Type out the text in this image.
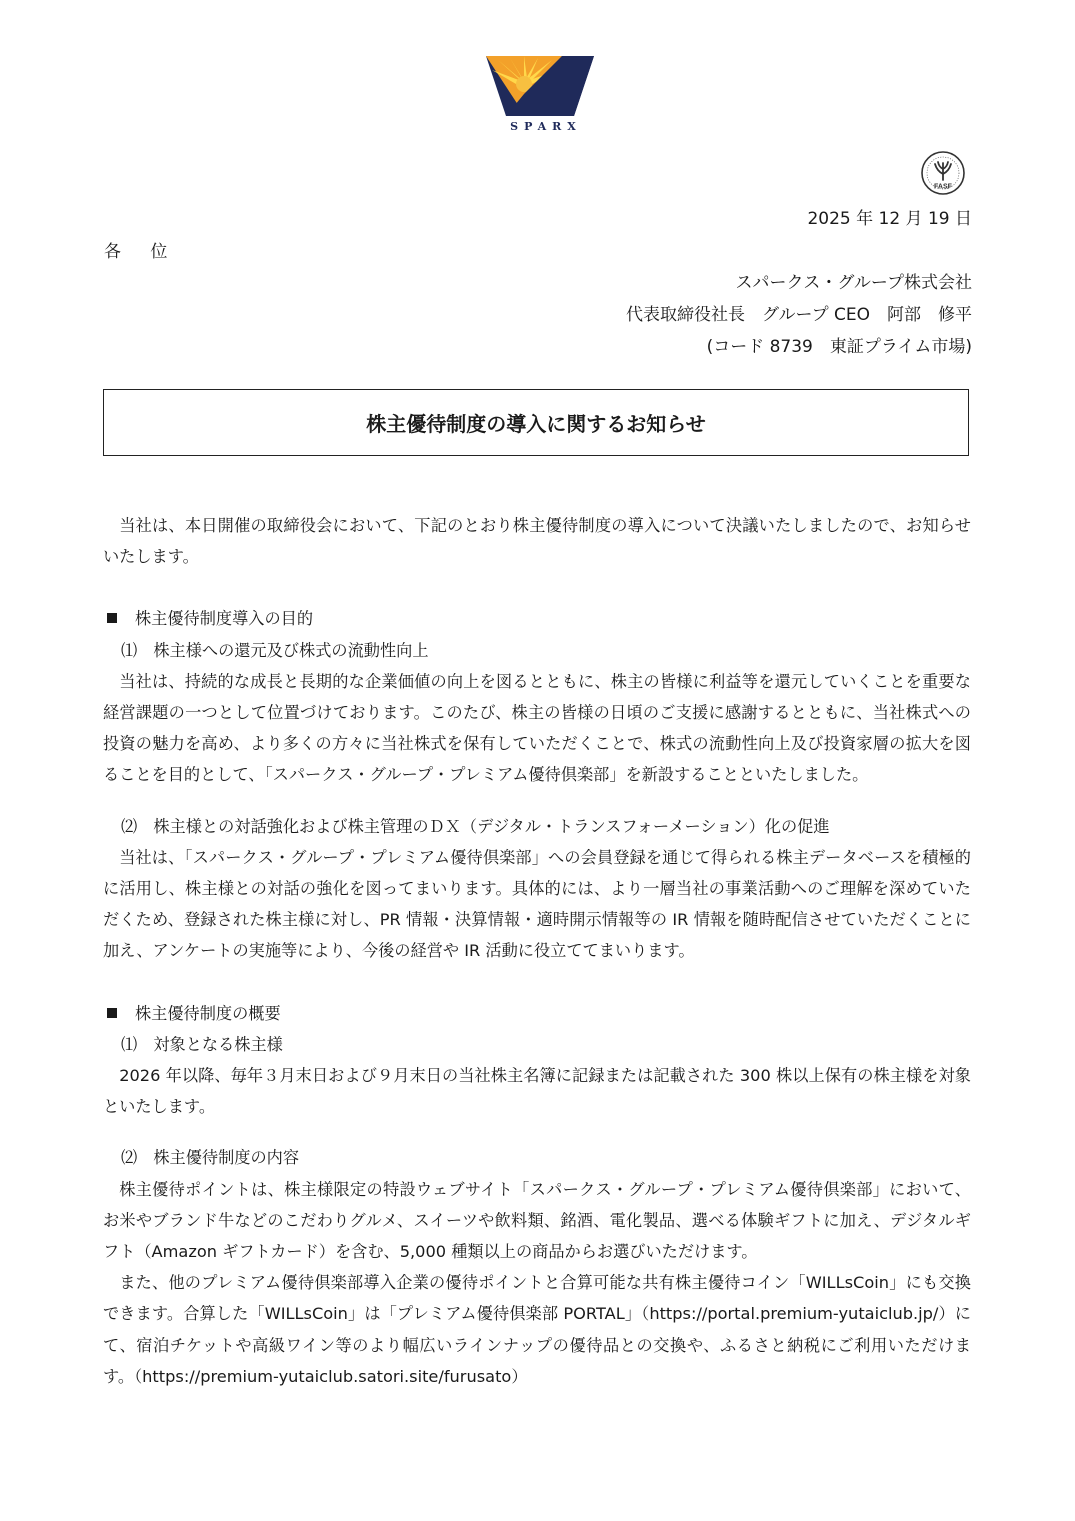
SPARX
FASF
2025 年 12 月 19 日
各 位
スパークス・グループ株式会社
代表取締役社長　グループ CEO　阿部　修平
(コード 8739　東証プライム市場)
株主優待制度の導入に関するお知らせ

当社は、本日開催の取締役会において、下記のとおり株主優待制度の導入について決議いたしましたので、お知らせいたします。

株主優待制度導入の目的

⑴　株主様への還元及び株式の流動性向上

当社は、持続的な成長と長期的な企業価値の向上を図るとともに、株主の皆様に利益等を還元していくことを重要な経営課題の一つとして位置づけております。このたび、株主の皆様の日頃のご支援に感謝するとともに、当社株式への投資の魅力を高め、より多くの方々に当社株式を保有していただくことで、株式の流動性向上及び投資家層の拡大を図ることを目的として、「スパークス・グループ・プレミアム優待倶楽部」を新設することといたしました。

⑵　株主様との対話強化および株主管理のＤＸ（デジタル・トランスフォーメーション）化の促進

当社は、「スパークス・グループ・プレミアム優待倶楽部」への会員登録を通じて得られる株主データベースを積極的に活用し、株主様との対話の強化を図ってまいります。具体的には、より一層当社の事業活動へのご理解を深めていただくため、登録された株主様に対し、PR 情報・決算情報・適時開示情報等の IR 情報を随時配信させていただくことに加え、アンケートの実施等により、今後の経営や IR 活動に役立ててまいります。

株主優待制度の概要

⑴　対象となる株主様

2026 年以降、毎年３月末日および９月末日の当社株主名簿に記録または記載された 300 株以上保有の株主様を対象といたします。

⑵　株主優待制度の内容

株主優待ポイントは、株主様限定の特設ウェブサイト「スパークス・グループ・プレミアム優待倶楽部」において、お米やブランド牛などのこだわりグルメ、スイーツや飲料類、銘酒、電化製品、選べる体験ギフトに加え、デジタルギフト（Amazon ギフトカード）を含む、5,000 種類以上の商品からお選びいただけます。

また、他のプレミアム優待倶楽部導入企業の優待ポイントと合算可能な共有株主優待コイン「WILLsCoin」にも交換できます。合算した「WILLsCoin」は「プレミアム優待倶楽部 PORTAL」（https://portal.premium-yutaiclub.jp/）にて、宿泊チケットや高級ワイン等のより幅広いラインナップの優待品との交換や、ふるさと納税にご利用いただけます。（https://premium-yutaiclub.satori.site/furusato）
